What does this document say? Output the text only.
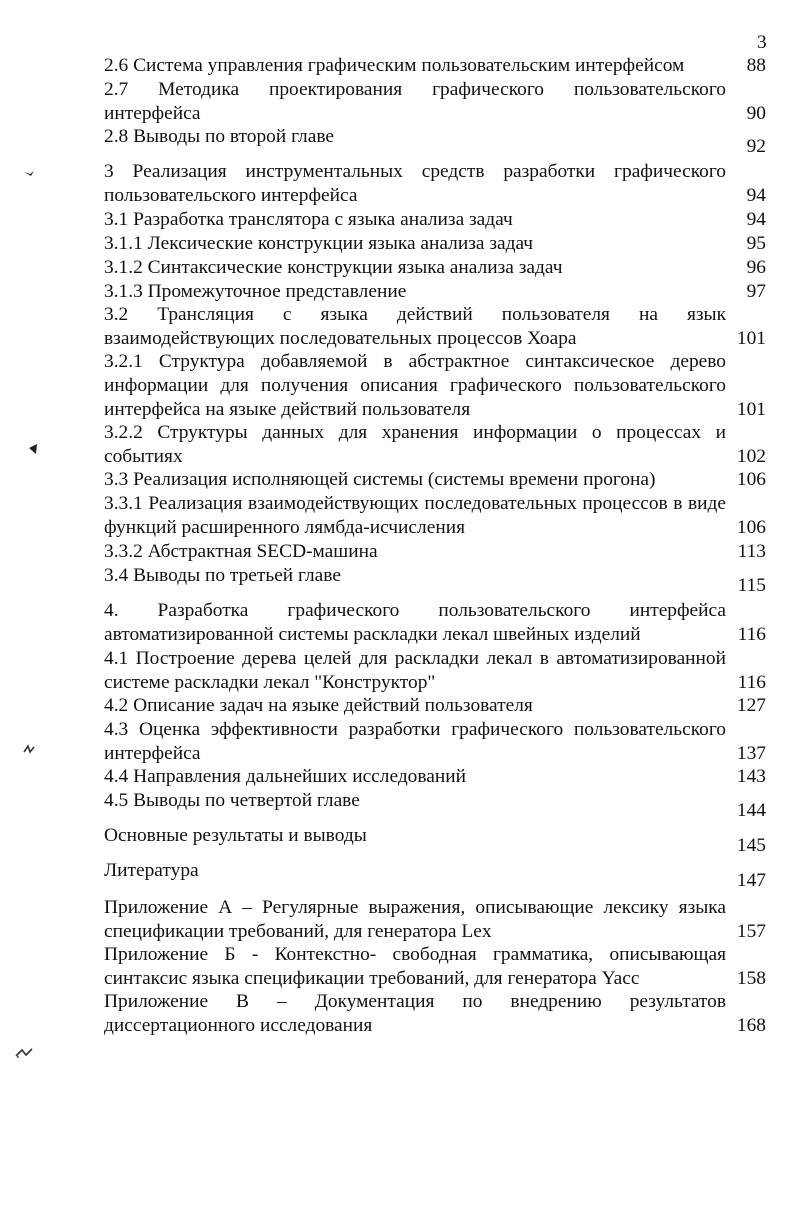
3
2.6 Система управления графическим пользовательским интерфейсом	88
2.7 Методика проектирования графического пользовательского интерфейса	90
2.8 Выводы по второй главе	92
3 Реализация инструментальных средств разработки графического пользовательского интерфейса	94
3.1 Разработка транслятора с языка анализа задач	94
3.1.1 Лексические конструкции языка анализа задач	95
3.1.2 Синтаксические конструкции языка анализа задач	96
3.1.3 Промежуточное представление	97
3.2 Трансляция с языка действий пользователя на язык взаимодействующих последовательных процессов Хоара	101
3.2.1 Структура добавляемой в абстрактное синтаксическое дерево информации для получения описания графического пользовательского интерфейса на языке действий пользователя	101
3.2.2 Структуры данных для хранения информации о процессах и событиях	102
3.3 Реализация исполняющей системы (системы времени прогона)	106
3.3.1 Реализация взаимодействующих последовательных процессов в виде функций расширенного лямбда-исчисления	106
3.3.2 Абстрактная SECD-машина	113
3.4 Выводы по третьей главе	115
4. Разработка графического пользовательского интерфейса автоматизированной системы раскладки лекал швейных изделий	116
4.1 Построение дерева целей для раскладки лекал в автоматизированной системе раскладки лекал "Конструктор"	116
4.2 Описание задач на языке действий пользователя	127
4.3 Оценка эффективности разработки графического пользовательского интерфейса	137
4.4 Направления дальнейших исследований	143
4.5 Выводы по четвертой главе	144
Основные результаты и выводы	145
Литература	147
Приложение А – Регулярные выражения, описывающие лексику языка спецификации требований, для генератора Lex	157
Приложение Б - Контекстно- свободная грамматика, описывающая синтаксис языка спецификации требований, для генератора Yacc	158
Приложение В – Документация по внедрению результатов диссертационного исследования	168
